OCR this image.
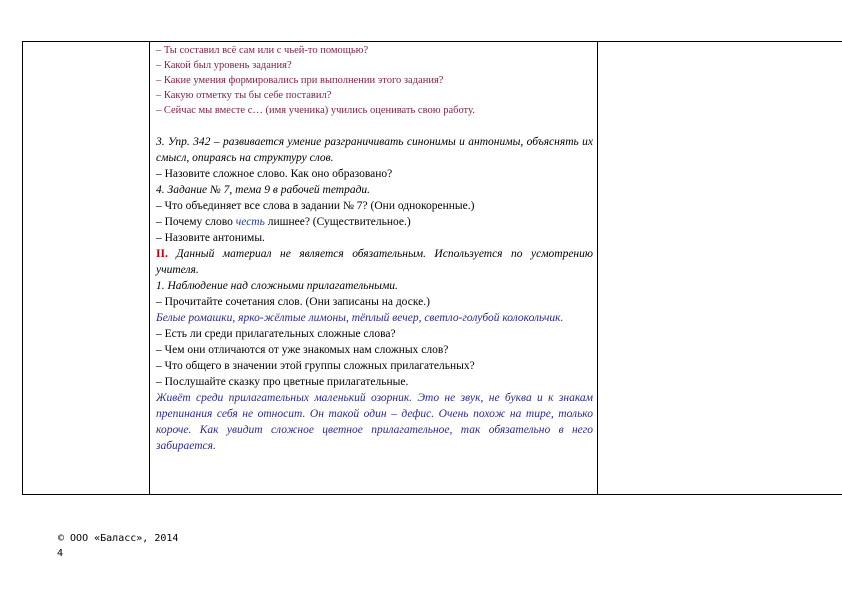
– Ты составил всё сам или с чьей-то помощью?
– Какой был уровень задания?
– Какие умения формировались при выполнении этого задания?
– Какую отметку ты бы себе поставил?
– Сейчас мы вместе с… (имя ученика) учились оценивать свою работу.
3. Упр. 342 – развивается умение разграничивать синонимы и антонимы, объяснять их смысл, опираясь на структуру слов.
– Назовите сложное слово. Как оно образовано?
4. Задание № 7, тема 9 в рабочей тетради.
– Что объединяет все слова в задании № 7? (Они однокоренные.)
– Почему слово честь лишнее? (Существительное.)
– Назовите антонимы.
II. Данный материал не является обязательным. Используется по усмотрению учителя.
1. Наблюдение над сложными прилагательными.
– Прочитайте сочетания слов. (Они записаны на доске.)
Белые ромашки, ярко-жёлтые лимоны, тёплый вечер, светло-голубой колокольчик.
– Есть ли среди прилагательных сложные слова?
– Чем они отличаются от уже знакомых нам сложных слов?
– Что общего в значении этой группы сложных прилагательных?
– Послушайте сказку про цветные прилагательные.
Живёт среди прилагательных маленький озорник. Это не звук, не буква и к знакам препинания себя не относит. Он такой один – дефис. Очень похож на тире, только короче. Как увидит сложное цветное прилагательное, так обязательно в него забирается.

© ООО «Баласс», 2014
4
